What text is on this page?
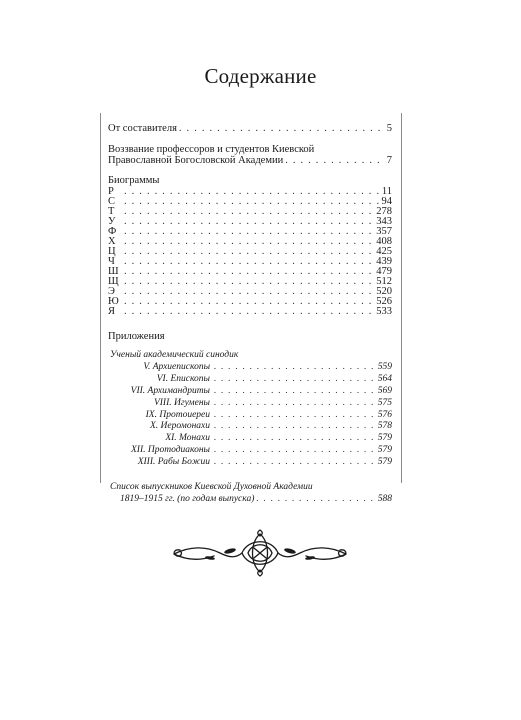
Содержание
От составителя . . .	5
Воззвание профессоров и студентов Киевской
Православной Богословской Академии . . .	7
Биограммы
Р . . .	11
С . . .	94
Т . . .	278
У . . .	343
Ф . . .	357
Х . . .	408
Ц . . .	425
Ч . . .	439
Ш . . .	479
Щ . . .	512
Э . . .	520
Ю . . .	526
Я . . .	533
Приложения
Ученый академический синодик
V. Архиепископы . . .	559
VI. Епископы . . .	564
VII. Архимандриты . . .	569
VIII. Игумены . . .	575
IX. Протоиереи . . .	576
X. Иеромонахи . . .	578
XI. Монахи . . .	579
XII. Протодиаконы . . .	579
XIII. Рабы Божии . . .	579
Список выпускников Киевской Духовной Академии
1819–1915 гг. (по годам выпуска) . . .	588
